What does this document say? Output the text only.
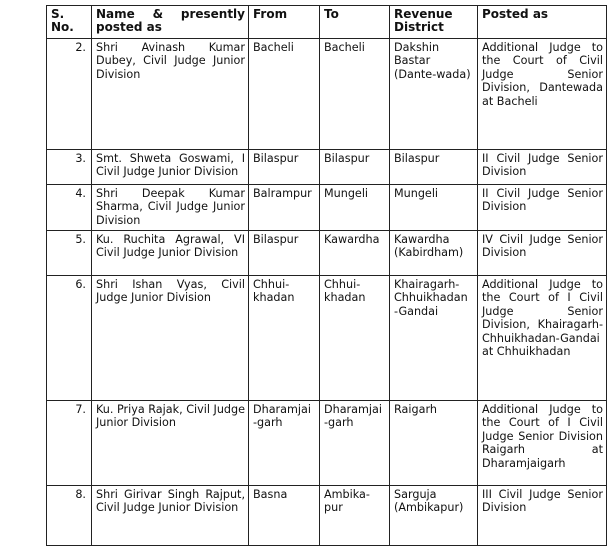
S. No.	Name & presently posted as	From	To	Revenue District	Posted as
2.	Shri Avinash Kumar Dubey, Civil Judge Junior Division	Bacheli	Bacheli	Dakshin Bastar (Dante-wada)	Additional Judge to the Court of Civil Judge Senior Division, Dantewada at Bacheli
3.	Smt. Shweta Goswami, I Civil Judge Junior Division	Bilaspur	Bilaspur	Bilaspur	II Civil Judge Senior Division
4.	Shri Deepak Kumar Sharma, Civil Judge Junior Division	Balrampur	Mungeli	Mungeli	II Civil Judge Senior Division
5.	Ku. Ruchita Agrawal, VI Civil Judge Junior Division	Bilaspur	Kawardha	Kawardha (Kabirdham)	IV Civil Judge Senior Division
6.	Shri Ishan Vyas, Civil Judge Junior Division	Chhui-khadan	Chhui-khadan	Khairagarh-Chhuikhadan -Gandai	Additional Judge to the Court of I Civil Judge Senior Division, Khairagarh-Chhuikhadan-Gandai at Chhuikhadan
7.	Ku. Priya Rajak, Civil Judge Junior Division	Dharamjai -garh	Dharamjai -garh	Raigarh	Additional Judge to the Court of I Civil Judge Senior Division Raigarh at Dharamjaigarh
8.	Shri Girivar Singh Rajput, Civil Judge Junior Division	Basna	Ambika-pur	Sarguja (Ambikapur)	III Civil Judge Senior Division
